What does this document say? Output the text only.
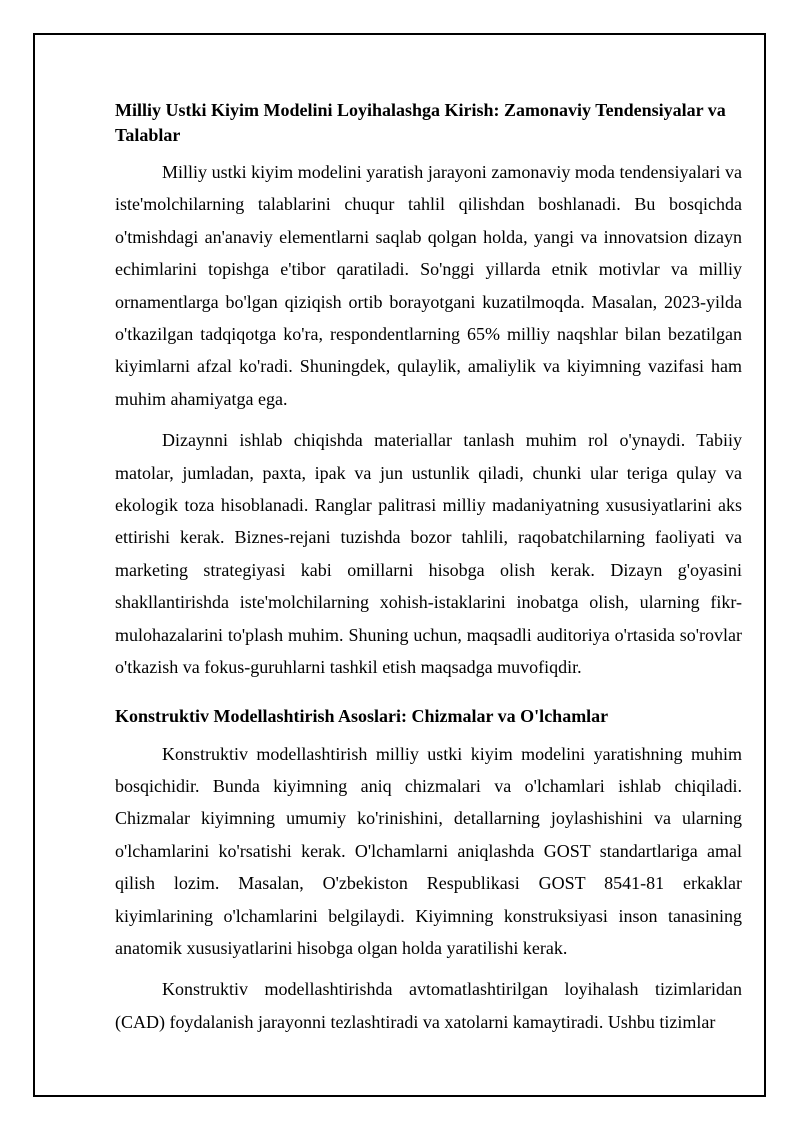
Milliy Ustki Kiyim Modelini Loyihalashga Kirish: Zamonaviy Tendensiyalar va Talablar

Milliy ustki kiyim modelini yaratish jarayoni zamonaviy moda tendensiyalari va iste'molchilarning talablarini chuqur tahlil qilishdan boshlanadi. Bu bosqichda o'tmishdagi an'anaviy elementlarni saqlab qolgan holda, yangi va innovatsion dizayn echimlarini topishga e'tibor qaratiladi. So'nggi yillarda etnik motivlar va milliy ornamentlarga bo'lgan qiziqish ortib borayotgani kuzatilmoqda. Masalan, 2023-yilda o'tkazilgan tadqiqotga ko'ra, respondentlarning 65% milliy naqshlar bilan bezatilgan kiyimlarni afzal ko'radi. Shuningdek, qulaylik, amaliylik va kiyimning vazifasi ham muhim ahamiyatga ega.

Dizaynni ishlab chiqishda materiallar tanlash muhim rol o'ynaydi. Tabiiy matolar, jumladan, paxta, ipak va jun ustunlik qiladi, chunki ular teriga qulay va ekologik toza hisoblanadi. Ranglar palitrasi milliy madaniyatning xususiyatlarini aks ettirishi kerak. Biznes-rejani tuzishda bozor tahlili, raqobatchilarning faoliyati va marketing strategiyasi kabi omillarni hisobga olish kerak. Dizayn g'oyasini shakllantirishda iste'molchilarning xohish-istaklarini inobatga olish, ularning fikr-mulohazalarini to'plash muhim. Shuning uchun, maqsadli auditoriya o'rtasida so'rovlar o'tkazish va fokus-guruhlarni tashkil etish maqsadga muvofiqdir.

Konstruktiv Modellashtirish Asoslari: Chizmalar va O'lchamlar

Konstruktiv modellashtirish milliy ustki kiyim modelini yaratishning muhim bosqichidir. Bunda kiyimning aniq chizmalari va o'lchamlari ishlab chiqiladi. Chizmalar kiyimning umumiy ko'rinishini, detallarning joylashishini va ularning o'lchamlarini ko'rsatishi kerak. O'lchamlarni aniqlashda GOST standartlariga amal qilish lozim. Masalan, O'zbekiston Respublikasi GOST 8541-81 erkaklar kiyimlarining o'lchamlarini belgilaydi. Kiyimning konstruksiyasi inson tanasining anatomik xususiyatlarini hisobga olgan holda yaratilishi kerak.

Konstruktiv modellashtirishda avtomatlashtirilgan loyihalash tizimlaridan (CAD) foydalanish jarayonni tezlashtiradi va xatolarni kamaytiradi. Ushbu tizimlar
